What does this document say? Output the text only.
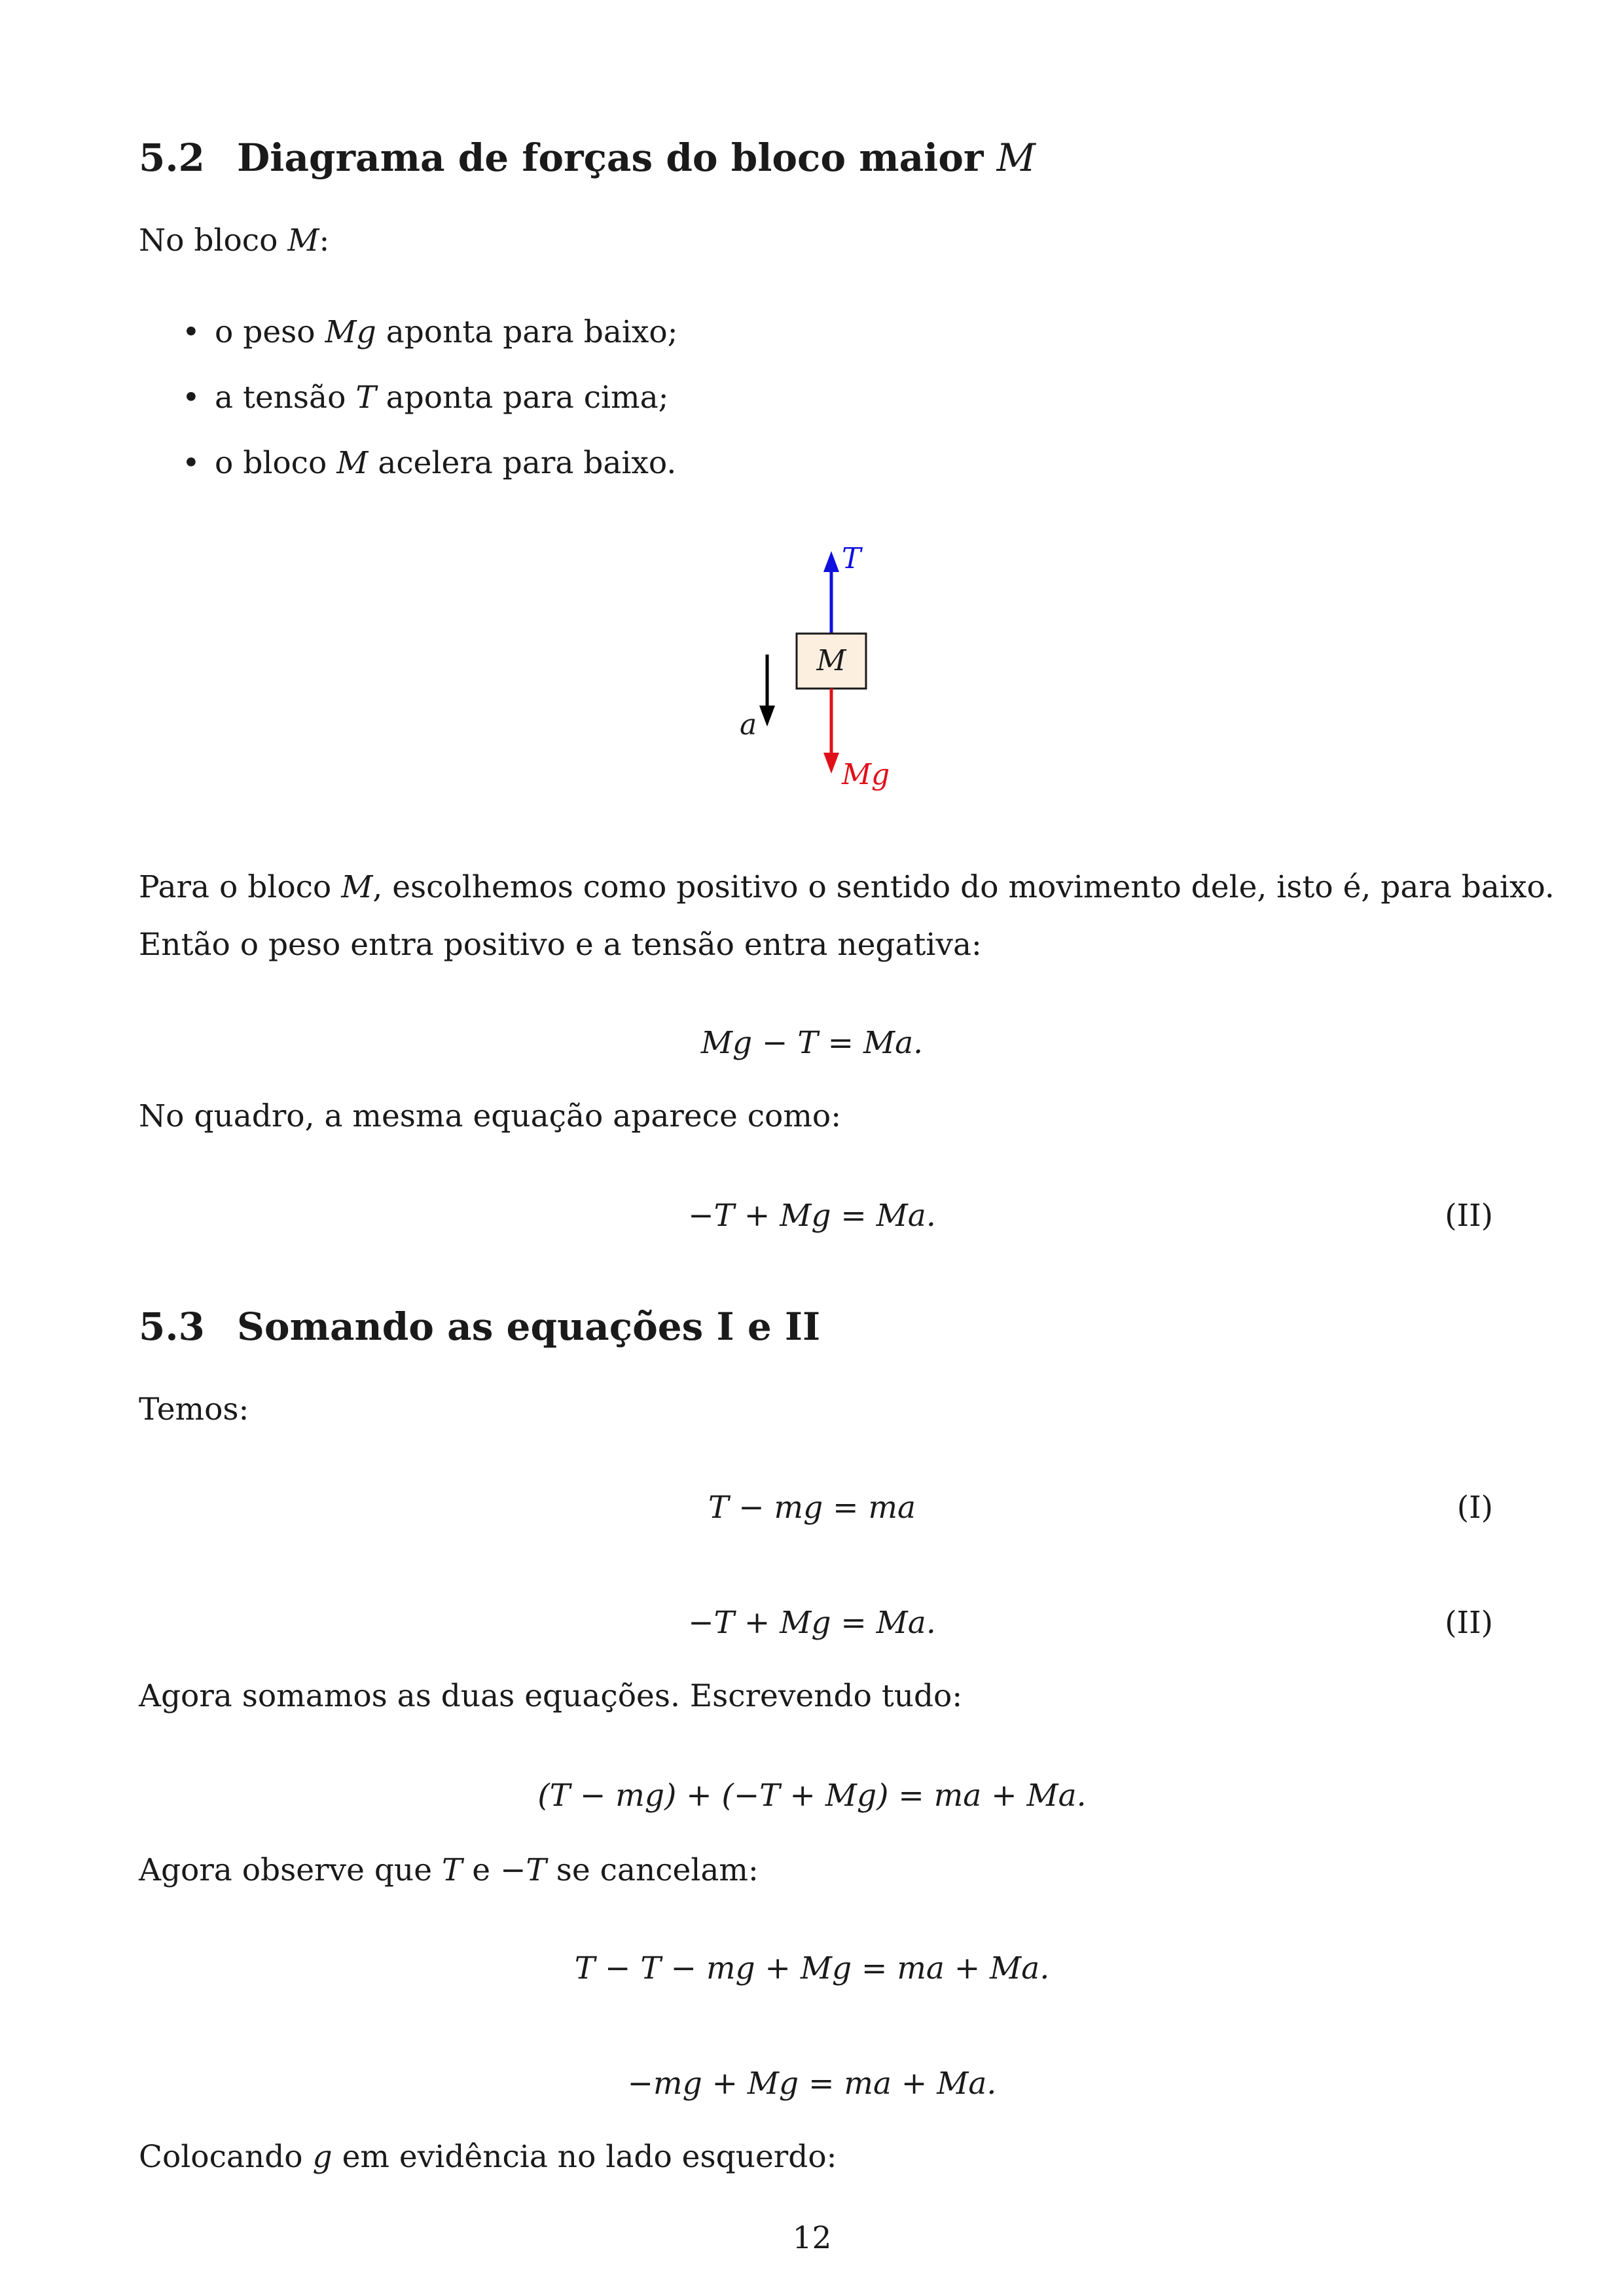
5.2 Diagrama de forças do bloco maior M
No bloco M:
• o peso Mg aponta para baixo;
• a tensão T aponta para cima;
• o bloco M acelera para baixo.
T
M
Mg
a
Para o bloco M, escolhemos como positivo o sentido do movimento dele, isto é, para baixo.
Então o peso entra positivo e a tensão entra negativa:
Mg − T = Ma.
No quadro, a mesma equação aparece como:
−T + Mg = Ma.	(II)
5.3 Somando as equações I e II
Temos:
T − mg = ma	(I)
−T + Mg = Ma.	(II)
Agora somamos as duas equações. Escrevendo tudo:
(T − mg) + (−T + Mg) = ma + Ma.
Agora observe que T e −T se cancelam:
T − T − mg + Mg = ma + Ma.
−mg + Mg = ma + Ma.
Colocando g em evidência no lado esquerdo:
12
